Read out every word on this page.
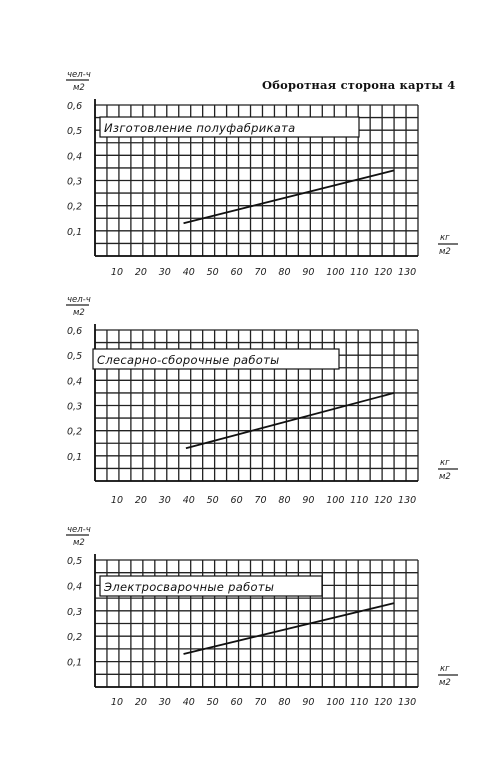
Оборотная сторона карты 4
0,1
0,2
0,3
0,4
0,5
0,6
10 20 30 40 50 60 70 80 90 100 110 120 130
чел-ч
м2
кг
м2
Изготовление полуфабриката
0,1
0,2
0,3
0,4
0,5
0,6
10 20 30 40 50 60 70 80 90 100 110 120 130
чел-ч
м2
кг
м2
Слесарно-сборочные работы
0,1
0,2
0,3
0,4
0,5
10 20 30 40 50 60 70 80 90 100 110 120 130
чел-ч
м2
кг
м2
Электросварочные работы
